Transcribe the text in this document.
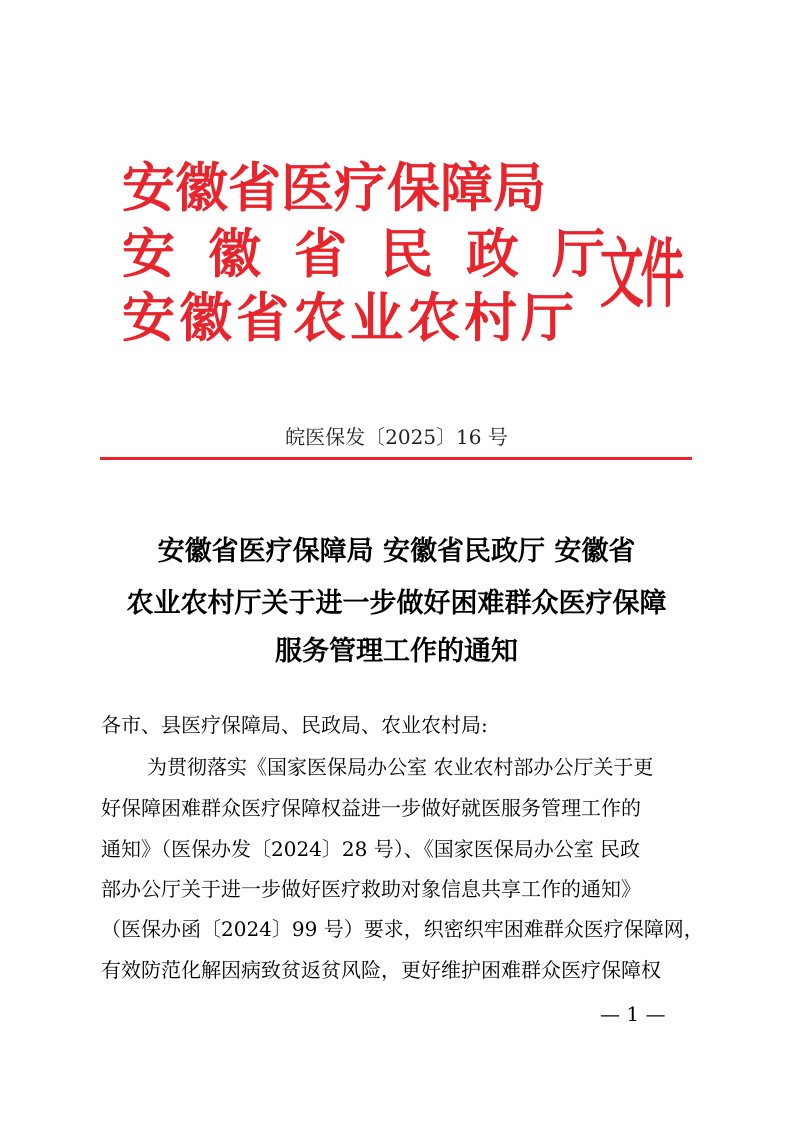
安徽省医疗保障局
安徽省民政厅
安徽省农业农村厅 文件
皖医保发〔2025〕16 号
安徽省医疗保障局 安徽省民政厅 安徽省
农业农村厅关于进一步做好困难群众医疗保障
服务管理工作的通知
各市、县医疗保障局、民政局、农业农村局:
为贯彻落实《国家医保局办公室 农业农村部办公厅关于更
好保障困难群众医疗保障权益进一步做好就医服务管理工作的
通知》（医保办发〔2024〕28 号）、《国家医保局办公室 民政
部办公厅关于进一步做好医疗救助对象信息共享工作的通知》
（医保办函〔2024〕99 号）要求，织密织牢困难群众医疗保障网，
有效防范化解因病致贫返贫风险，更好维护困难群众医疗保障权
— 1 —
